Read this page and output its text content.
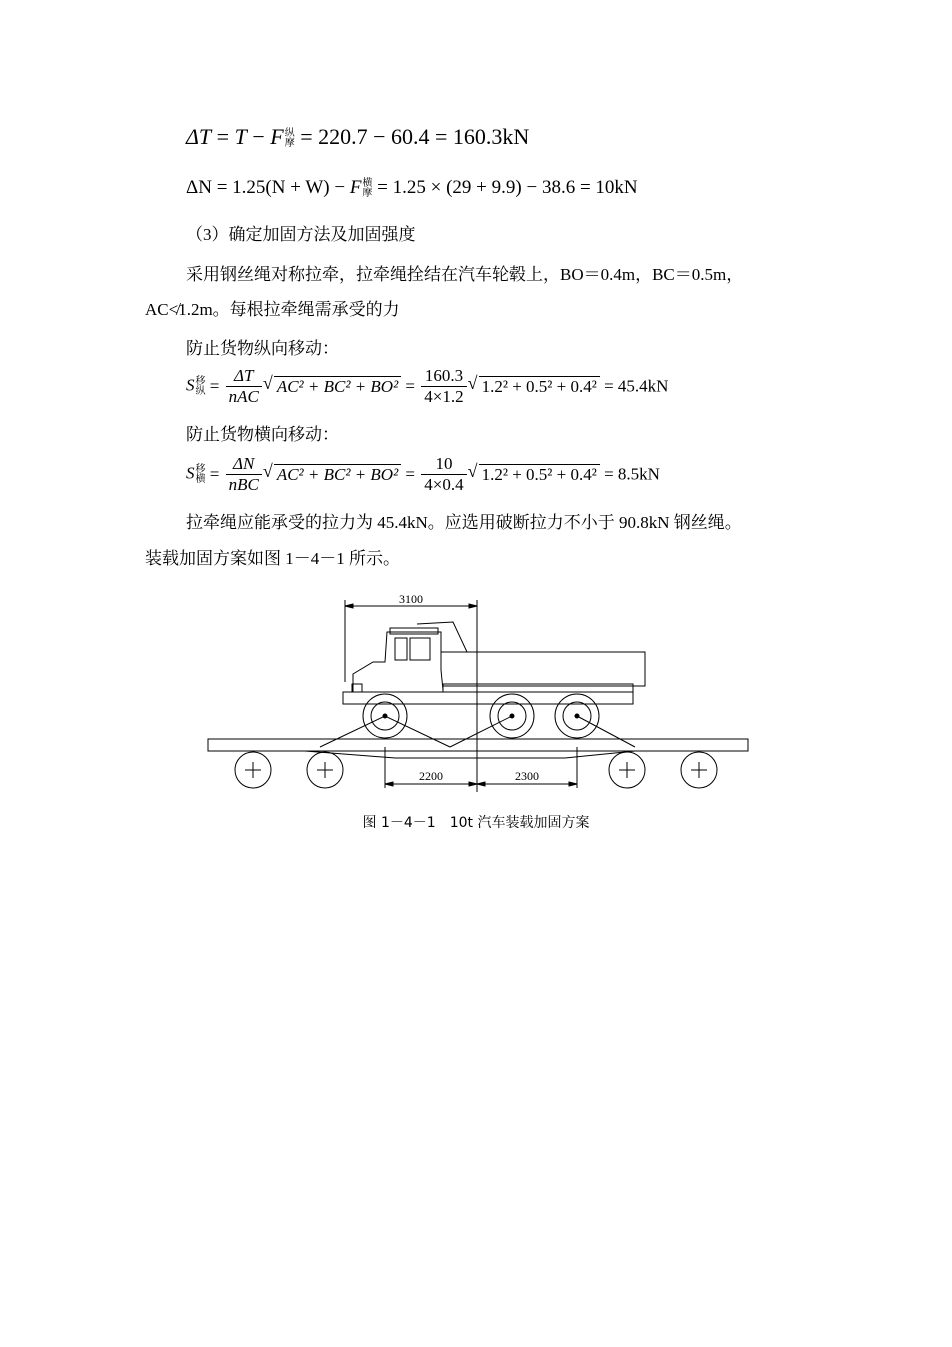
ΔT = T − F 纵
摩 = 220.7 − 60.4 = 160.3kN
ΔN = 1.25(N + W) − F 横
摩 = 1.25 × (29 + 9.9) − 38.6 = 10kN
（3）确定加固方法及加固强度
采用钢丝绳对称拉牵，拉牵绳拴结在汽车轮毂上，BO＝0.4m，BC＝0.5m，
AC≮1.2m。每根拉牵绳需承受的力
防止货物纵向移动：
S 移
纵 = $\frac{\Delta T}{\text{nAC}}$ √ $AC^2 + BC^2 + BO^2 = \frac{160.3}{4\times 1.2}$ √ 1.2² + 0.5² + 0.4² = 45.4kN
防止货物横向移动：
S 移
横 = $\frac{\Delta N}{\text{nBC}}$ √ $AC^2 + BC^2 + BO^2 = \frac{10}{4\times 0.4}$ √ 1.2² + 0.5² + 0.4² = 8.5kN
拉牵绳应能承受的拉力为 45.4kN。应选用破断拉力不小于 90.8kN 钢丝绳。
装载加固方案如图 1－4－1 所示。
3100
2200	2300
图 1－4－1　10t 汽车装载加固方案
